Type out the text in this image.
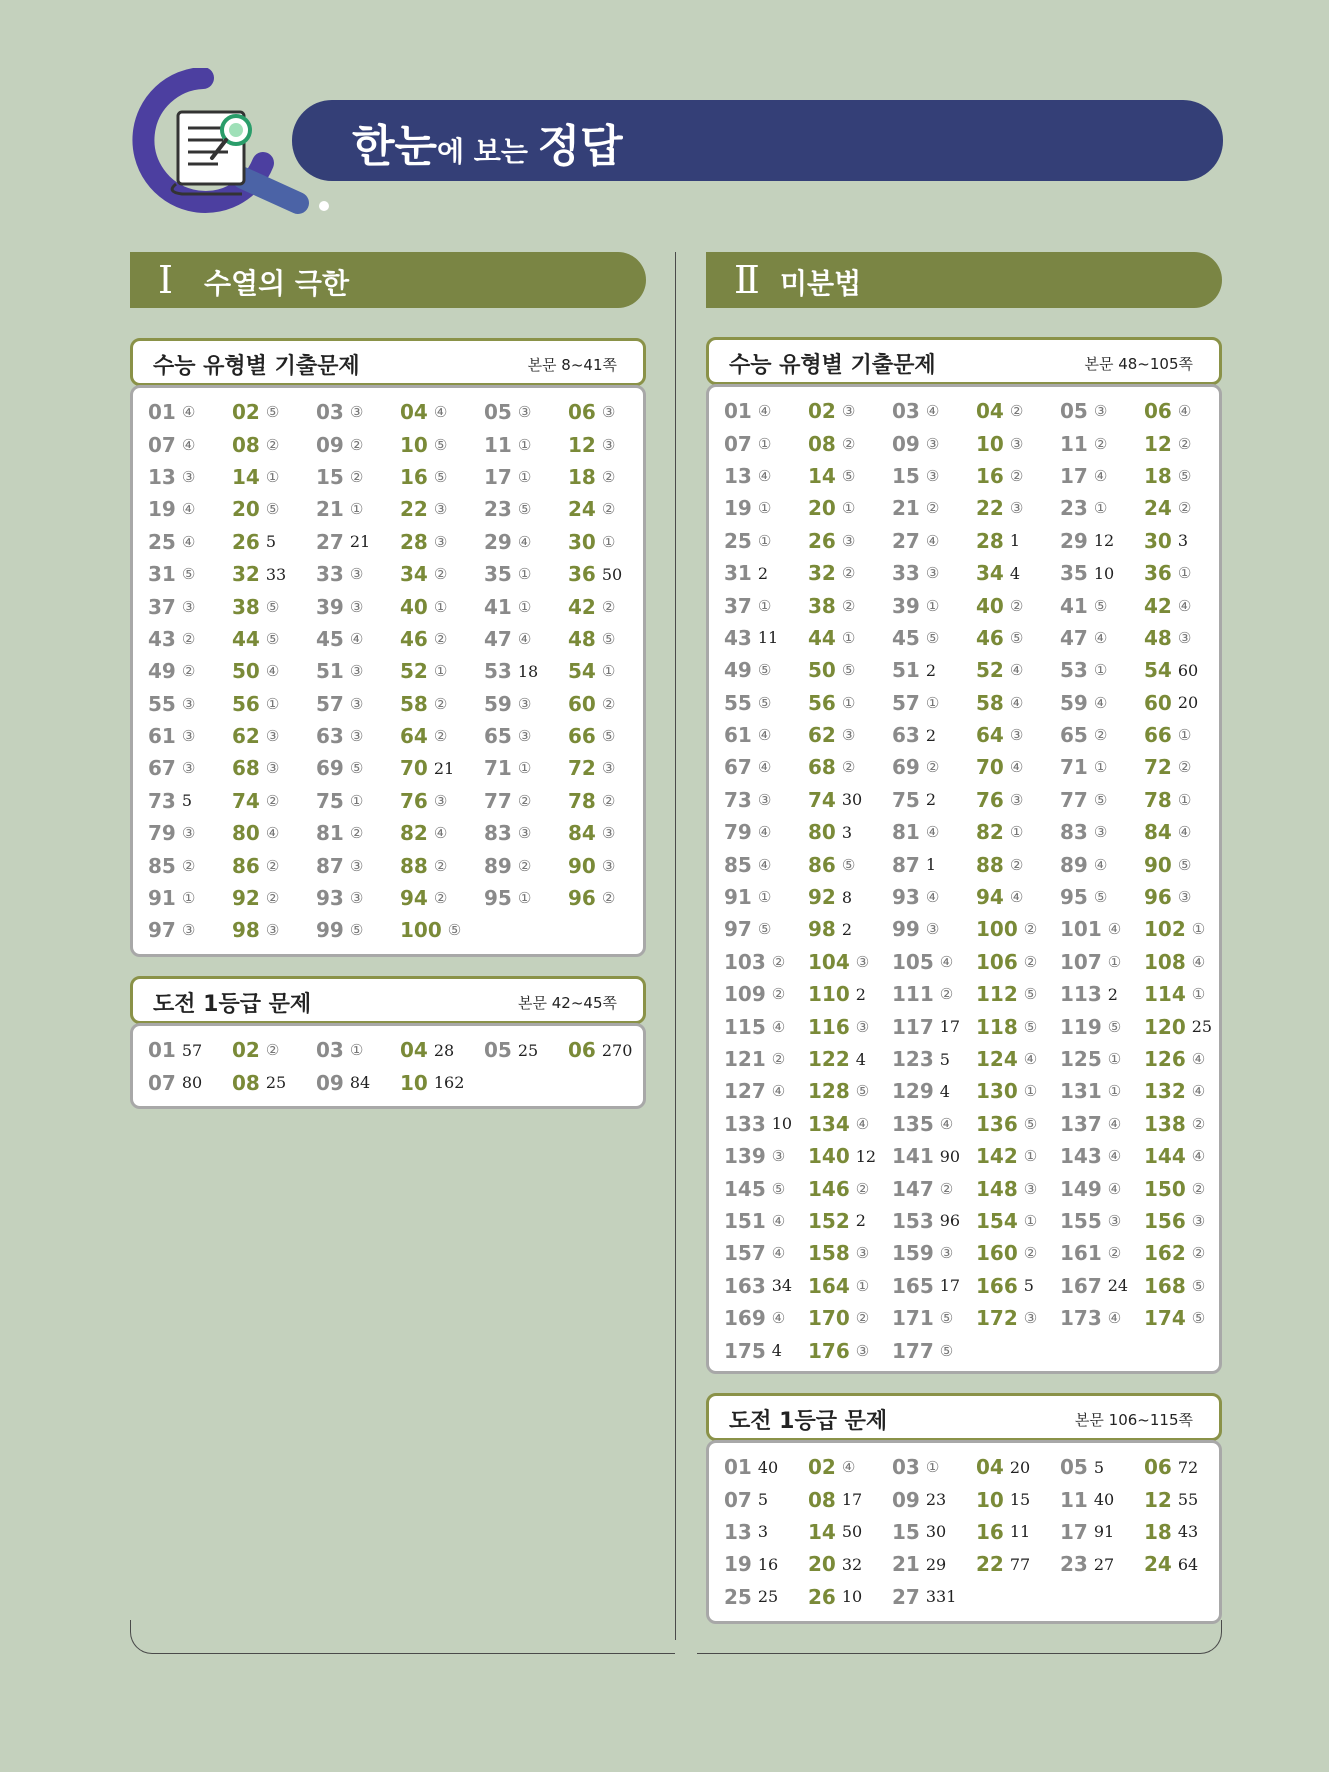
한눈에 보는 정답
Ⅰ 수열의 극한
수능 유형별 기출문제	본문 8~41쪽
01 ④ 02 ⑤ 03 ③ 04 ④ 05 ③ 06 ③
07 ④ 08 ② 09 ② 10 ⑤ 11 ① 12 ③
13 ③ 14 ① 15 ② 16 ⑤ 17 ① 18 ②
19 ④ 20 ⑤ 21 ① 22 ③ 23 ⑤ 24 ②
25 ④ 26 5 27 21 28 ③ 29 ④ 30 ①
31 ⑤ 32 33 33 ③ 34 ② 35 ① 36 50
37 ③ 38 ⑤ 39 ③ 40 ① 41 ① 42 ②
43 ② 44 ⑤ 45 ④ 46 ② 47 ④ 48 ⑤
49 ② 50 ④ 51 ③ 52 ① 53 18 54 ①
55 ③ 56 ① 57 ③ 58 ② 59 ③ 60 ②
61 ③ 62 ③ 63 ③ 64 ② 65 ③ 66 ⑤
67 ③ 68 ③ 69 ⑤ 70 21 71 ① 72 ③
73 5 74 ② 75 ① 76 ③ 77 ② 78 ②
79 ③ 80 ④ 81 ② 82 ④ 83 ③ 84 ③
85 ② 86 ② 87 ③ 88 ② 89 ② 90 ③
91 ① 92 ② 93 ③ 94 ② 95 ① 96 ②
97 ③ 98 ③ 99 ⑤ 100 ⑤
도전 1등급 문제	본문 42~45쪽
01 57 02 ② 03 ① 04 28 05 25 06 270
07 80 08 25 09 84 10 162
Ⅱ 미분법
수능 유형별 기출문제	본문 48~105쪽
01 ④ 02 ③ 03 ④ 04 ② 05 ③ 06 ④
07 ① 08 ② 09 ③ 10 ③ 11 ② 12 ②
13 ④ 14 ⑤ 15 ③ 16 ② 17 ④ 18 ⑤
19 ① 20 ① 21 ② 22 ③ 23 ① 24 ②
25 ① 26 ③ 27 ④ 28 1 29 12 30 3
31 2 32 ② 33 ③ 34 4 35 10 36 ①
37 ① 38 ② 39 ① 40 ② 41 ⑤ 42 ④
43 11 44 ① 45 ⑤ 46 ⑤ 47 ④ 48 ③
49 ⑤ 50 ⑤ 51 2 52 ④ 53 ① 54 60
55 ⑤ 56 ① 57 ① 58 ④ 59 ④ 60 20
61 ④ 62 ③ 63 2 64 ③ 65 ② 66 ①
67 ④ 68 ② 69 ② 70 ④ 71 ① 72 ②
73 ③ 74 30 75 2 76 ③ 77 ⑤ 78 ①
79 ④ 80 3 81 ④ 82 ① 83 ③ 84 ④
85 ④ 86 ⑤ 87 1 88 ② 89 ④ 90 ⑤
91 ① 92 8 93 ④ 94 ④ 95 ⑤ 96 ③
97 ⑤ 98 2 99 ③ 100 ② 101 ④ 102 ①
103 ② 104 ③ 105 ④ 106 ② 107 ① 108 ④
109 ② 110 2 111 ② 112 ⑤ 113 2 114 ①
115 ④ 116 ③ 117 17 118 ⑤ 119 ⑤ 120 25
121 ② 122 4 123 5 124 ④ 125 ① 126 ④
127 ④ 128 ⑤ 129 4 130 ① 131 ① 132 ④
133 10 134 ④ 135 ④ 136 ⑤ 137 ④ 138 ②
139 ③ 140 12 141 90 142 ① 143 ④ 144 ④
145 ⑤ 146 ② 147 ② 148 ③ 149 ④ 150 ②
151 ④ 152 2 153 96 154 ① 155 ③ 156 ③
157 ④ 158 ③ 159 ③ 160 ② 161 ② 162 ②
163 34 164 ① 165 17 166 5 167 24 168 ⑤
169 ④ 170 ② 171 ⑤ 172 ③ 173 ④ 174 ⑤
175 4 176 ③ 177 ⑤
도전 1등급 문제	본문 106~115쪽
01 40 02 ④ 03 ① 04 20 05 5 06 72
07 5 08 17 09 23 10 15 11 40 12 55
13 3 14 50 15 30 16 11 17 91 18 43
19 16 20 32 21 29 22 77 23 27 24 64
25 25 26 10 27 331
